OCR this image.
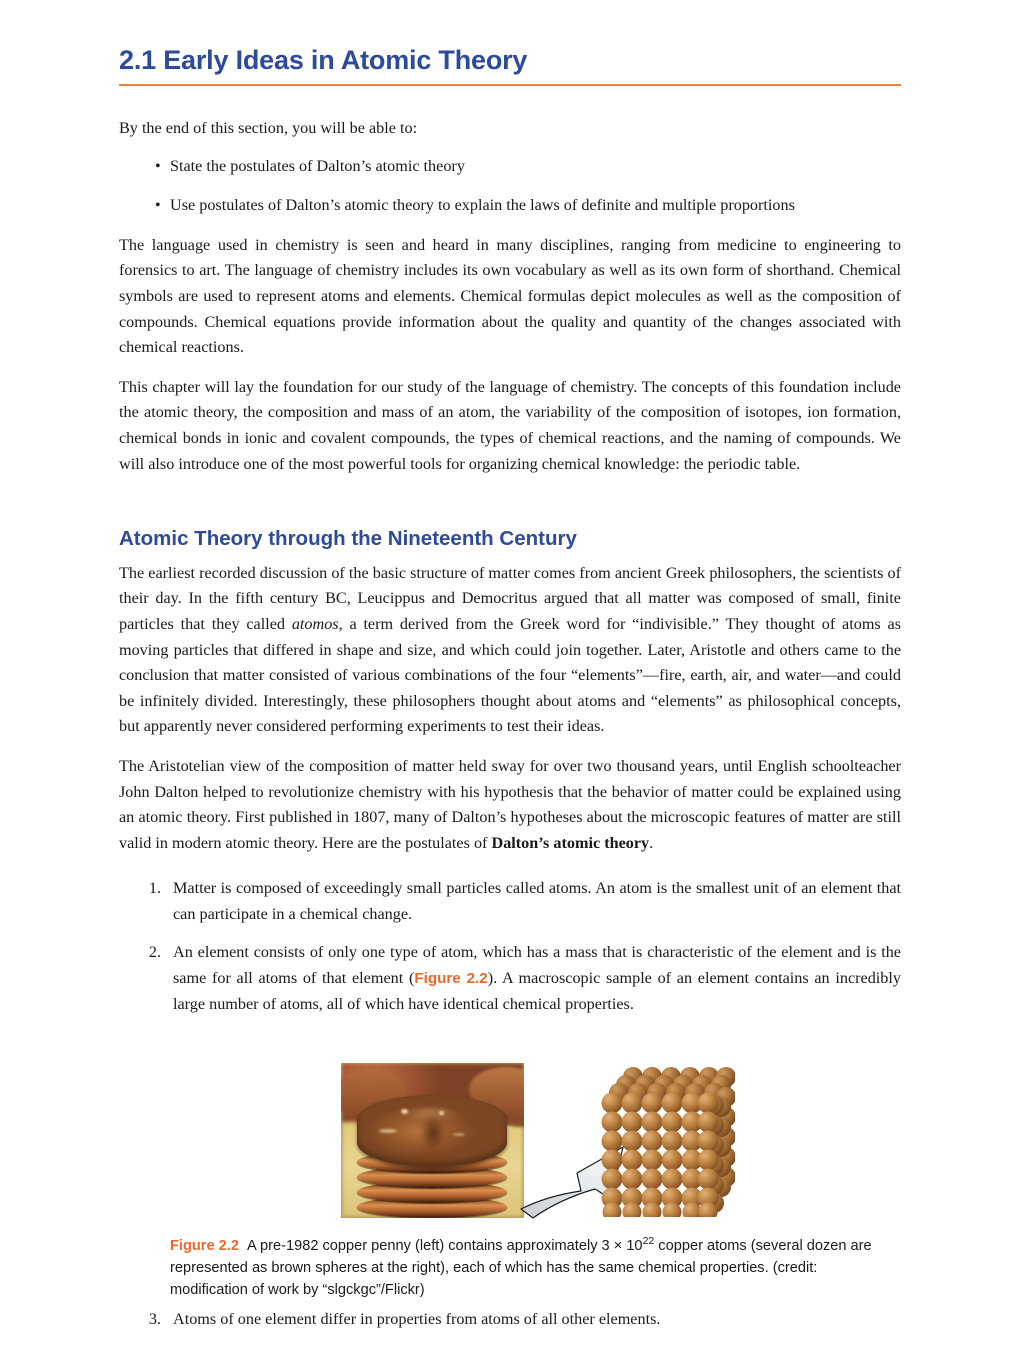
2.1 Early Ideas in Atomic Theory

By the end of this section, you will be able to:

• State the postulates of Dalton’s atomic theory
• Use postulates of Dalton’s atomic theory to explain the laws of definite and multiple proportions

The language used in chemistry is seen and heard in many disciplines, ranging from medicine to engineering to forensics to art. The language of chemistry includes its own vocabulary as well as its own form of shorthand. Chemical symbols are used to represent atoms and elements. Chemical formulas depict molecules as well as the composition of compounds. Chemical equations provide information about the quality and quantity of the changes associated with chemical reactions.

This chapter will lay the foundation for our study of the language of chemistry. The concepts of this foundation include the atomic theory, the composition and mass of an atom, the variability of the composition of isotopes, ion formation, chemical bonds in ionic and covalent compounds, the types of chemical reactions, and the naming of compounds. We will also introduce one of the most powerful tools for organizing chemical knowledge: the periodic table.

Atomic Theory through the Nineteenth Century

The earliest recorded discussion of the basic structure of matter comes from ancient Greek philosophers, the scientists of their day. In the fifth century BC, Leucippus and Democritus argued that all matter was composed of small, finite particles that they called atomos, a term derived from the Greek word for “indivisible.” They thought of atoms as moving particles that differed in shape and size, and which could join together. Later, Aristotle and others came to the conclusion that matter consisted of various combinations of the four “elements”—fire, earth, air, and water—and could be infinitely divided. Interestingly, these philosophers thought about atoms and “elements” as philosophical concepts, but apparently never considered performing experiments to test their ideas.

The Aristotelian view of the composition of matter held sway for over two thousand years, until English schoolteacher John Dalton helped to revolutionize chemistry with his hypothesis that the behavior of matter could be explained using an atomic theory. First published in 1807, many of Dalton’s hypotheses about the microscopic features of matter are still valid in modern atomic theory. Here are the postulates of Dalton’s atomic theory.

1. Matter is composed of exceedingly small particles called atoms. An atom is the smallest unit of an element that can participate in a chemical change.
2. An element consists of only one type of atom, which has a mass that is characteristic of the element and is the same for all atoms of that element (Figure 2.2). A macroscopic sample of an element contains an incredibly large number of atoms, all of which have identical chemical properties.
Figure 2.2 A pre-1982 copper penny (left) contains approximately $3 \times 10^{22}$ copper atoms (several dozen are represented as brown spheres at the right), each of which has the same chemical properties. (credit: modification of work by “slgckgc”/Flickr)
3. Atoms of one element differ in properties from atoms of all other elements.
